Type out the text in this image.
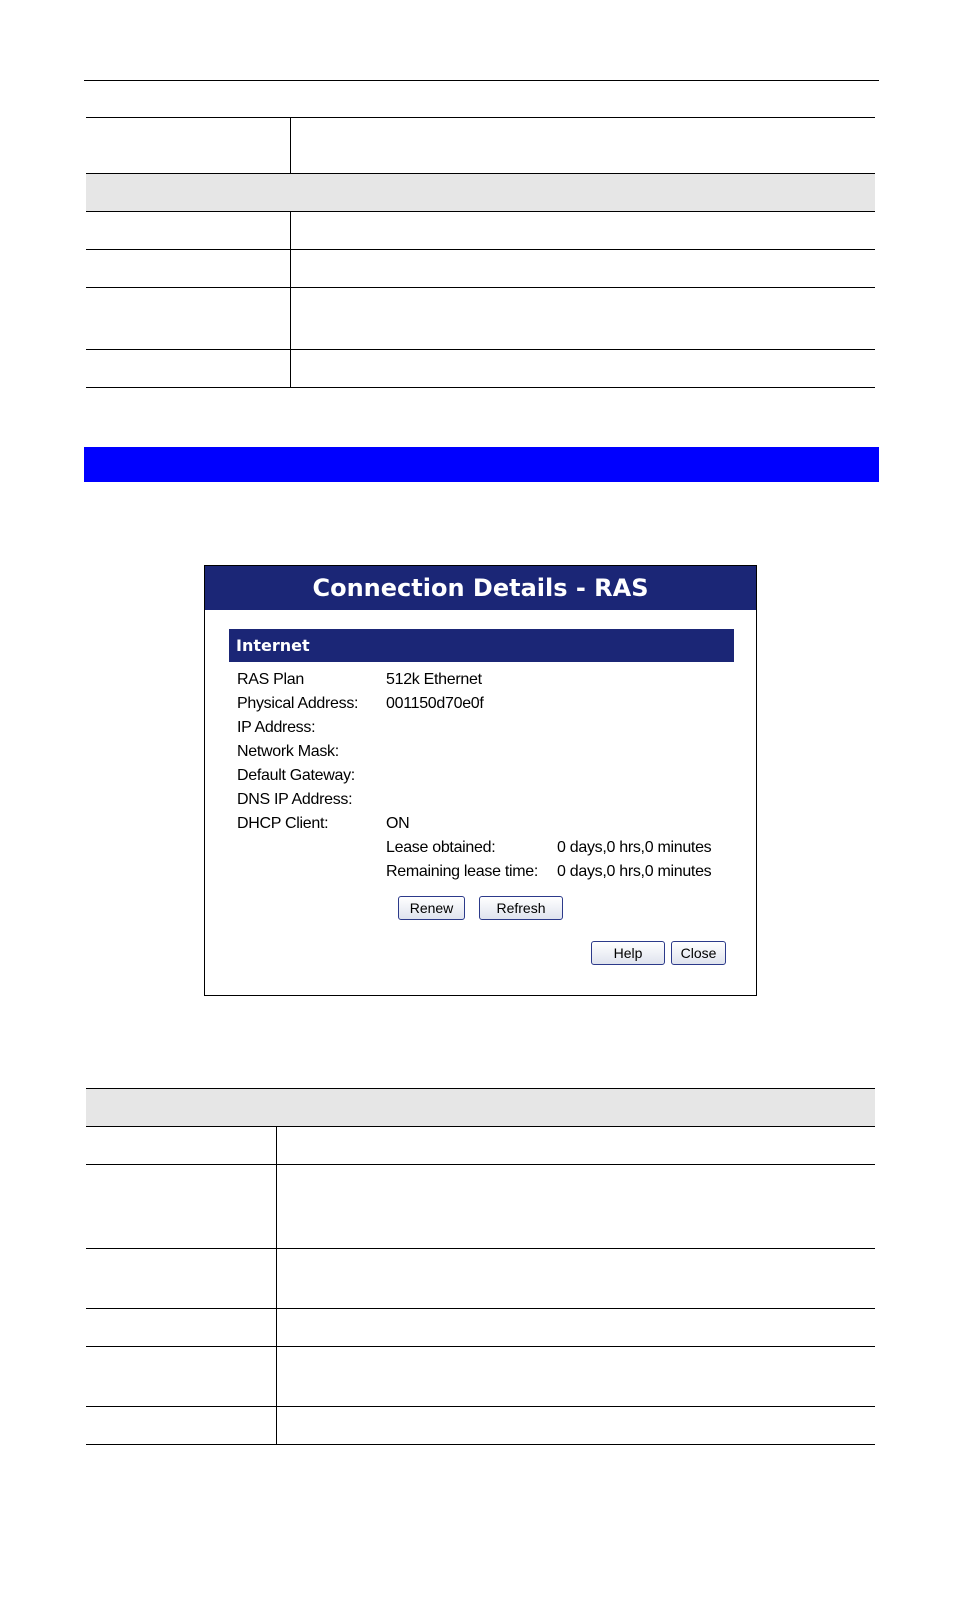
Connection Details - RAS
Internet
RAS Plan	512k Ethernet
Physical Address: 001150d70e0f
IP Address:
Network Mask:
Default Gateway:
DNS IP Address:
DHCP Client:	ON
Lease obtained:	0 days,0 hrs,0 minutes
Remaining lease time: 0 days,0 hrs,0 minutes
Renew	Refresh
Help	Close
